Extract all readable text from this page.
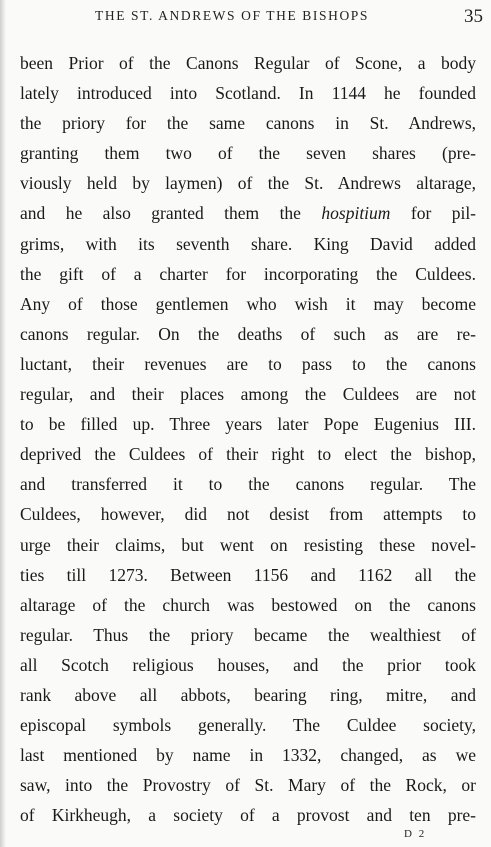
THE ST. ANDREWS OF THE BISHOPS	35
been Prior of the Canons Regular of Scone, a body
lately introduced into Scotland. In 1144 he founded
the priory for the same canons in St. Andrews,
granting them two of the seven shares (pre-
viously held by laymen) of the St. Andrews altarage,
and he also granted them the hospitium for pil-
grims, with its seventh share. King David added
the gift of a charter for incorporating the Culdees.
Any of those gentlemen who wish it may become
canons regular. On the deaths of such as are re-
luctant, their revenues are to pass to the canons
regular, and their places among the Culdees are not
to be filled up. Three years later Pope Eugenius III.
deprived the Culdees of their right to elect the bishop,
and transferred it to the canons regular. The
Culdees, however, did not desist from attempts to
urge their claims, but went on resisting these novel-
ties till 1273. Between 1156 and 1162 all the
altarage of the church was bestowed on the canons
regular. Thus the priory became the wealthiest of
all Scotch religious houses, and the prior took
rank above all abbots, bearing ring, mitre, and
episcopal symbols generally. The Culdee society,
last mentioned by name in 1332, changed, as we
saw, into the Provostry of St. Mary of the Rock, or
of Kirkheugh, a society of a provost and ten pre-
D 2
